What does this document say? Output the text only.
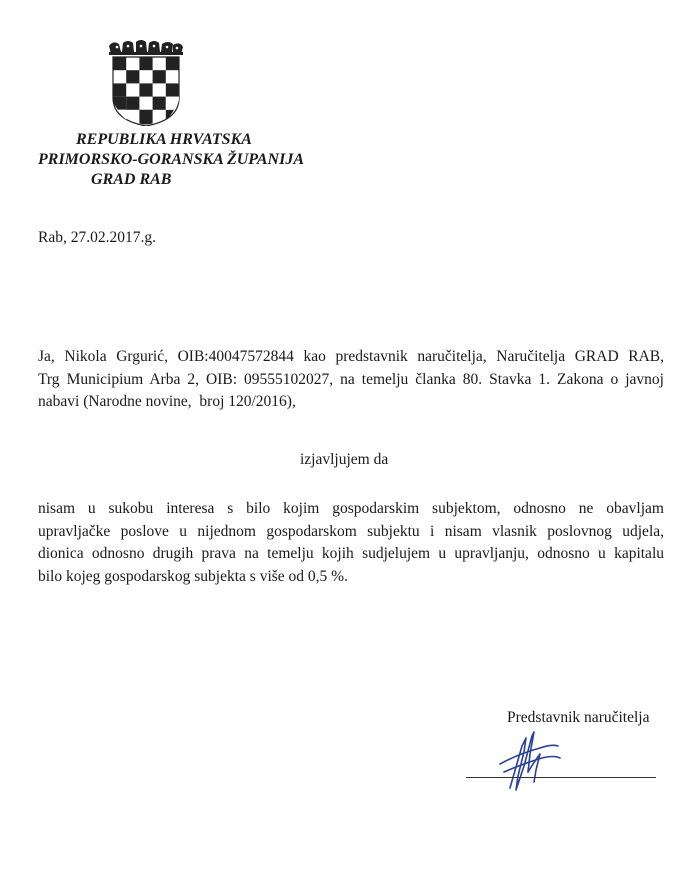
REPUBLIKA HRVATSKA
PRIMORSKO-GORANSKA ŽUPANIJA
GRAD RAB
Rab, 27.02.2017.g.
Ja, Nikola Grgurić, OIB:40047572844 kao predstavnik naručitelja, Naručitelja GRAD RAB,
Trg Municipium Arba 2, OIB: 09555102027, na temelju članka 80. Stavka 1. Zakona o javnoj
nabavi (Narodne novine,  broj 120/2016),
izjavljujem da
nisam u sukobu interesa s bilo kojim gospodarskim subjektom, odnosno ne obavljam
upravljačke poslove u nijednom gospodarskom subjektu i nisam vlasnik poslovnog udjela,
dionica odnosno drugih prava na temelju kojih sudjelujem u upravljanju, odnosno u kapitalu
bilo kojeg gospodarskog subjekta s više od 0,5 %.
Predstavnik naručitelja
